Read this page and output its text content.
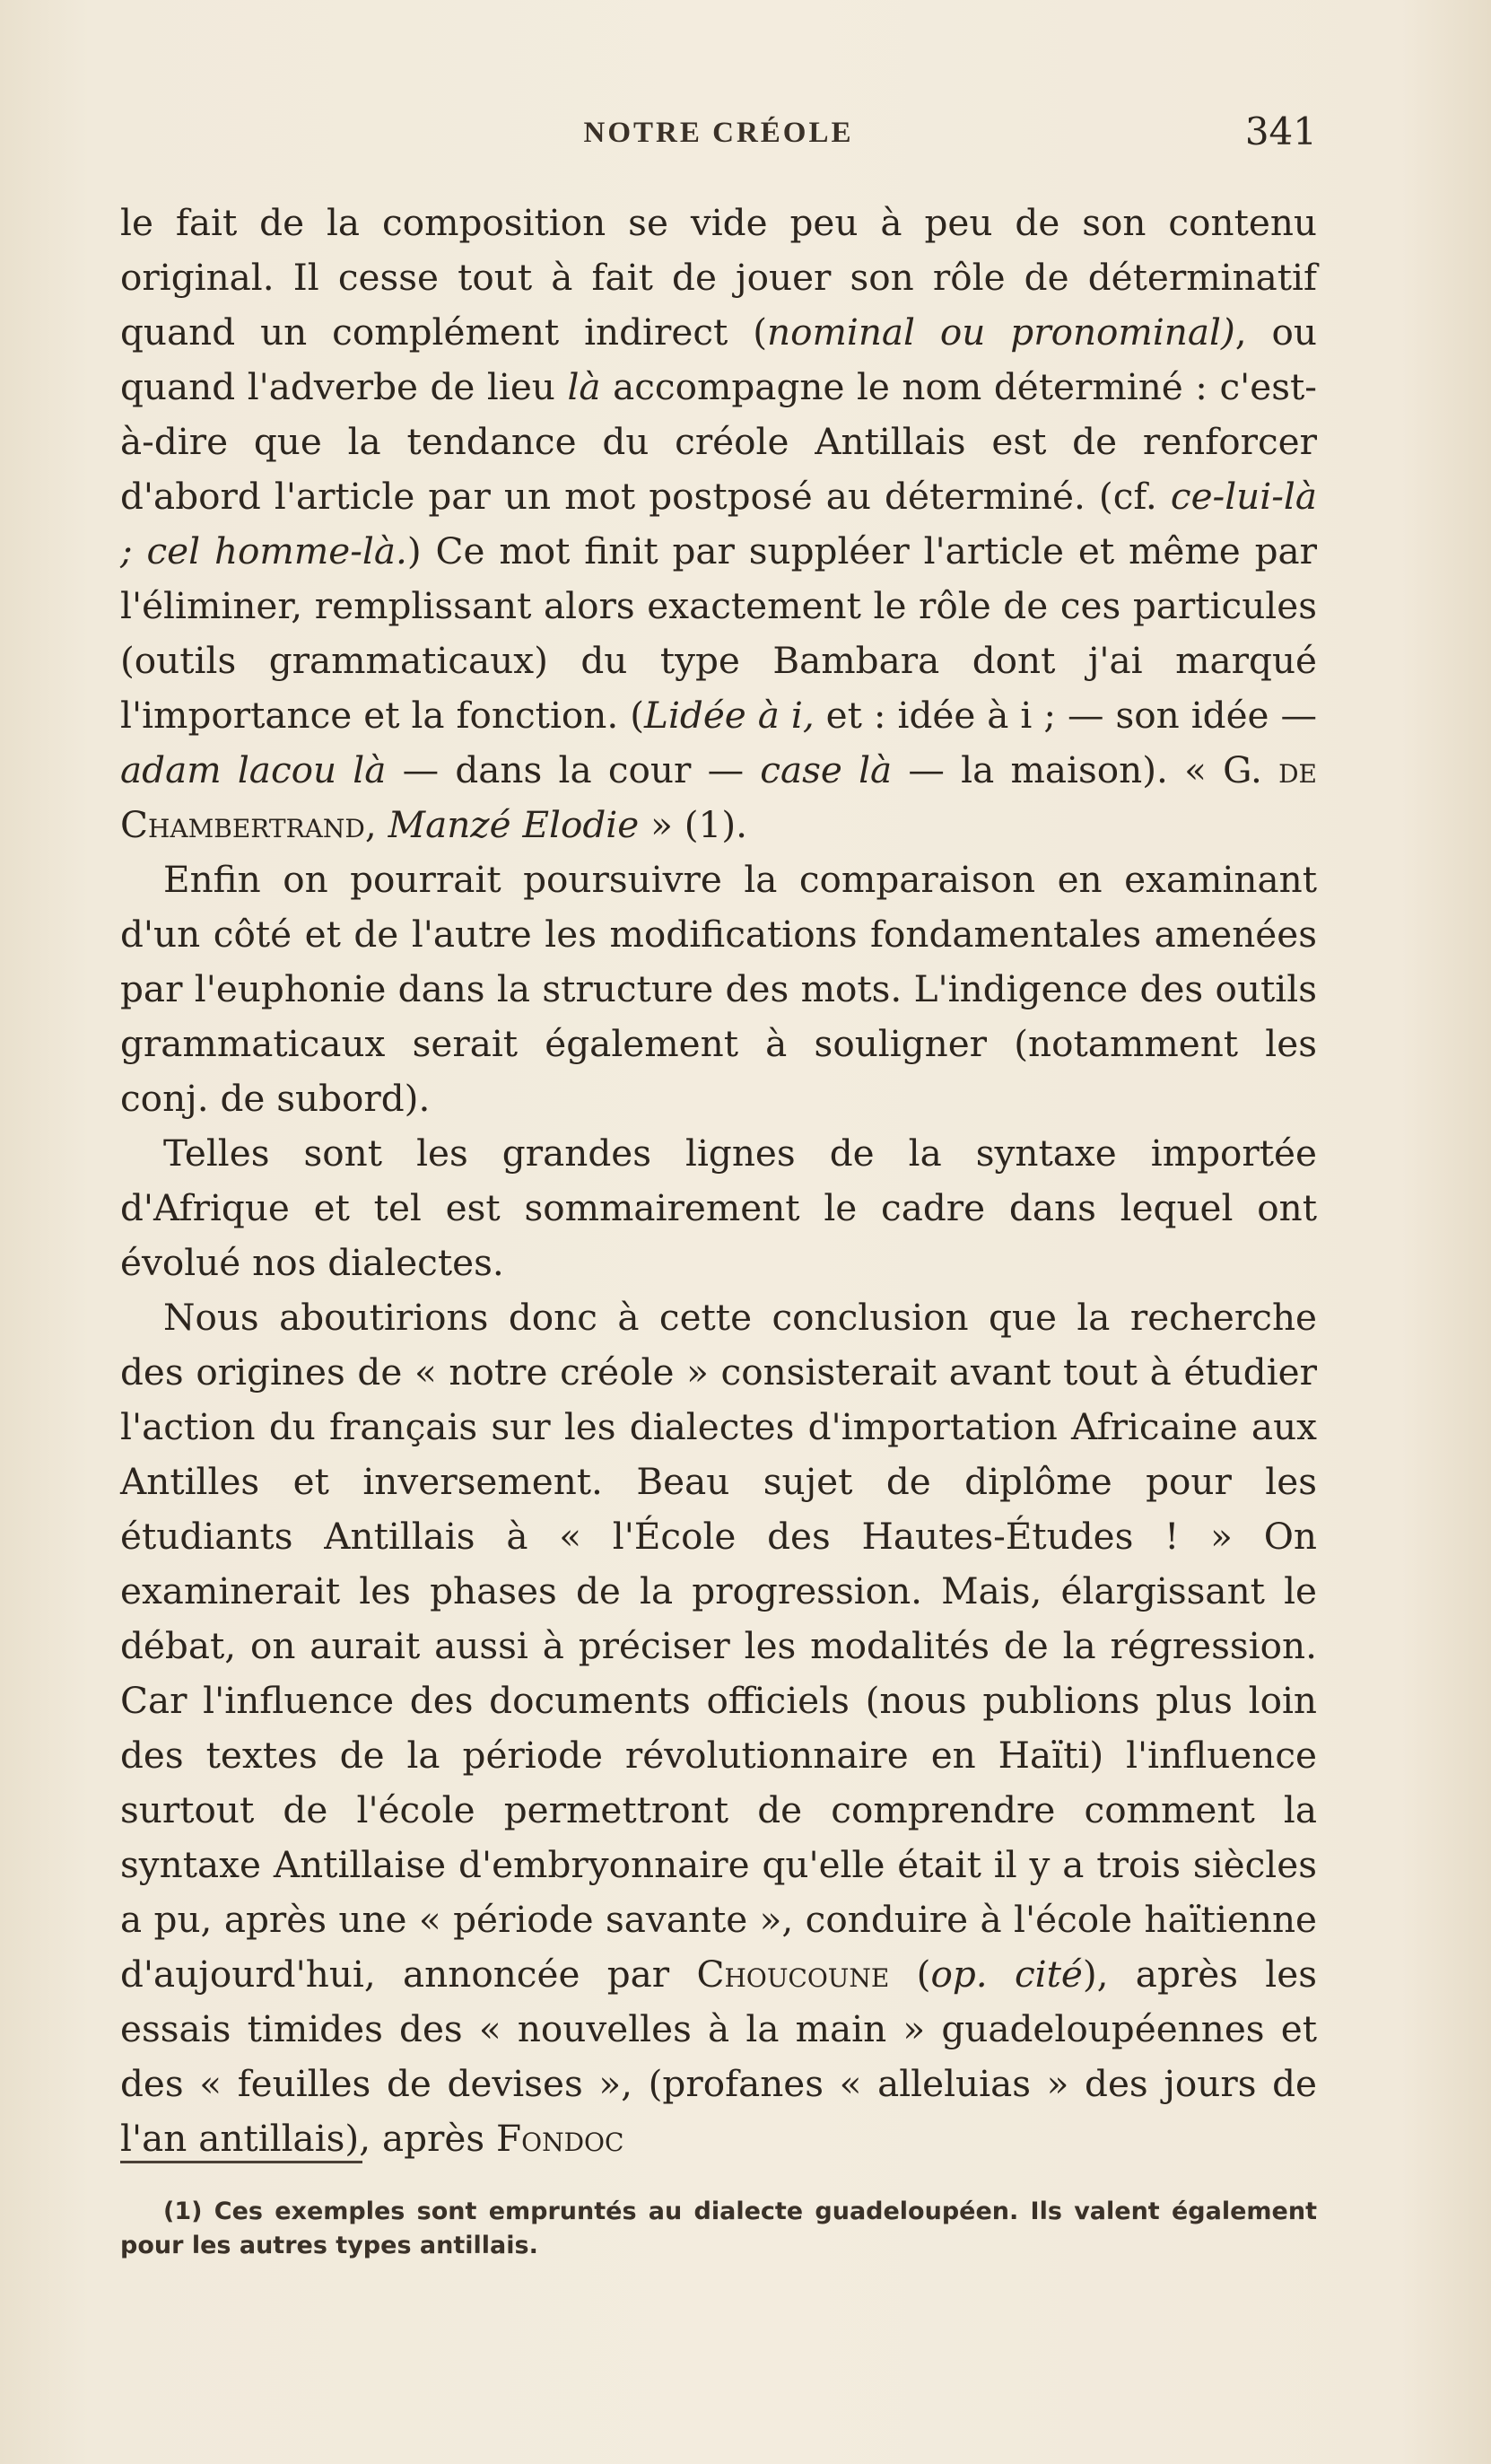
NOTRE CRÉOLE	341

le fait de la composition se vide peu à peu de son contenu original. Il cesse tout à fait de jouer son rôle de déterminatif quand un complément indirect (nominal ou pronominal), ou quand l'adverbe de lieu là accompagne le nom déterminé : c'est-à-dire que la tendance du créole Antillais est de renforcer d'abord l'article par un mot postposé au déterminé. (cf. ce-lui-là ; cel homme-là.) Ce mot finit par suppléer l'article et même par l'éliminer, remplissant alors exactement le rôle de ces particules (outils grammaticaux) du type Bambara dont j'ai marqué l'importance et la fonction. (Lidée à i, et : idée à i ; — son idée — adam lacou là — dans la cour — case là — la maison). « G. de Chambertrand, Manzé Elodie » (1).

Enfin on pourrait poursuivre la comparaison en examinant d'un côté et de l'autre les modifications fondamentales amenées par l'euphonie dans la structure des mots. L'indigence des outils grammaticaux serait également à souligner (notamment les conj. de subord).

Telles sont les grandes lignes de la syntaxe importée d'Afrique et tel est sommairement le cadre dans lequel ont évolué nos dialectes.

Nous aboutirions donc à cette conclusion que la recherche des origines de « notre créole » consisterait avant tout à étudier l'action du français sur les dialectes d'importation Africaine aux Antilles et inversement. Beau sujet de diplôme pour les étudiants Antillais à « l'École des Hautes-Études ! » On examinerait les phases de la progression. Mais, élargissant le débat, on aurait aussi à préciser les modalités de la régression. Car l'influence des documents officiels (nous publions plus loin des textes de la période révolutionnaire en Haïti) l'influence surtout de l'école permettront de comprendre comment la syntaxe Antillaise d'embryonnaire qu'elle était il y a trois siècles a pu, après une « période savante », conduire à l'école haïtienne d'aujourd'hui, annoncée par Choucoune (op. cité), après les essais timides des « nouvelles à la main » guadeloupéennes et des « feuilles de devises », (profanes « alleluias » des jours de l'an antillais), après Fondoc

(1) Ces exemples sont empruntés au dialecte guadeloupéen. Ils valent également pour les autres types antillais.
